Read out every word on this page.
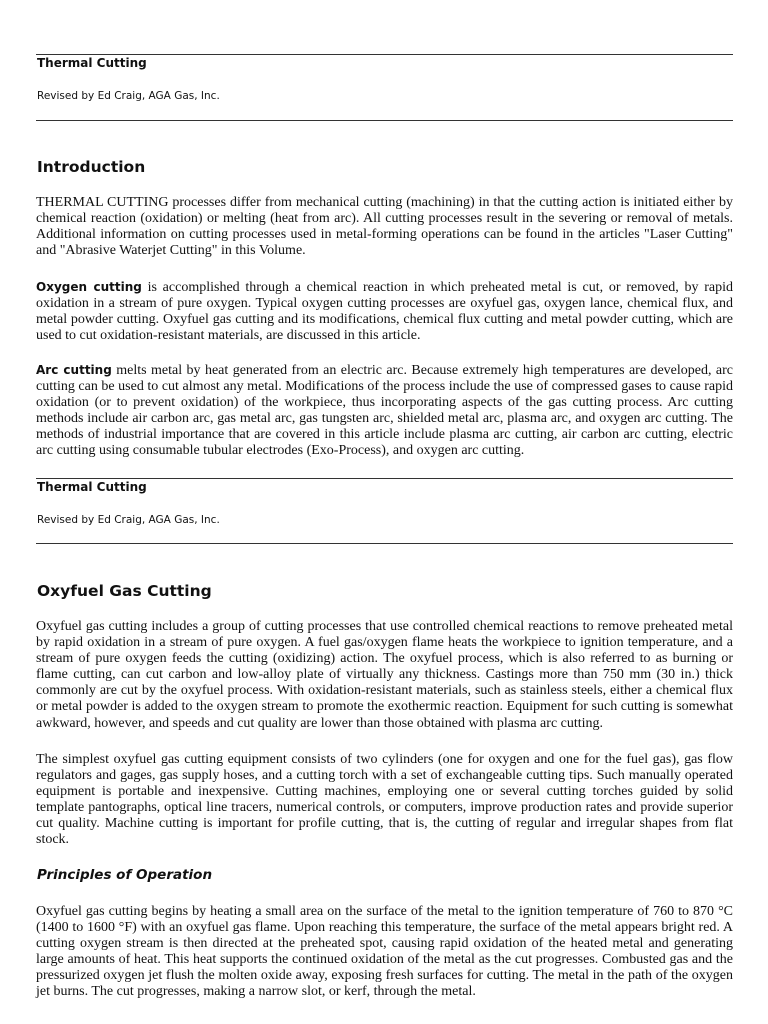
Thermal Cutting
Revised by Ed Craig, AGA Gas, Inc.
Introduction

THERMAL CUTTING processes differ from mechanical cutting (machining) in that the cutting action is initiated either by chemical reaction (oxidation) or melting (heat from arc). All cutting processes result in the severing or removal of metals. Additional information on cutting processes used in metal-forming operations can be found in the articles "Laser Cutting" and "Abrasive Waterjet Cutting" in this Volume.

Oxygen cutting is accomplished through a chemical reaction in which preheated metal is cut, or removed, by rapid oxidation in a stream of pure oxygen. Typical oxygen cutting processes are oxyfuel gas, oxygen lance, chemical flux, and metal powder cutting. Oxyfuel gas cutting and its modifications, chemical flux cutting and metal powder cutting, which are used to cut oxidation-resistant materials, are discussed in this article.

Arc cutting melts metal by heat generated from an electric arc. Because extremely high temperatures are developed, arc cutting can be used to cut almost any metal. Modifications of the process include the use of compressed gases to cause rapid oxidation (or to prevent oxidation) of the workpiece, thus incorporating aspects of the gas cutting process. Arc cutting methods include air carbon arc, gas metal arc, gas tungsten arc, shielded metal arc, plasma arc, and oxygen arc cutting. The methods of industrial importance that are covered in this article include plasma arc cutting, air carbon arc cutting, electric arc cutting using consumable tubular electrodes (Exo-Process), and oxygen arc cutting.

Thermal Cutting
Revised by Ed Craig, AGA Gas, Inc.
Oxyfuel Gas Cutting

Oxyfuel gas cutting includes a group of cutting processes that use controlled chemical reactions to remove preheated metal by rapid oxidation in a stream of pure oxygen. A fuel gas/oxygen flame heats the workpiece to ignition temperature, and a stream of pure oxygen feeds the cutting (oxidizing) action. The oxyfuel process, which is also referred to as burning or flame cutting, can cut carbon and low-alloy plate of virtually any thickness. Castings more than 750 mm (30 in.) thick commonly are cut by the oxyfuel process. With oxidation-resistant materials, such as stainless steels, either a chemical flux or metal powder is added to the oxygen stream to promote the exothermic reaction. Equipment for such cutting is somewhat awkward, however, and speeds and cut quality are lower than those obtained with plasma arc cutting.

The simplest oxyfuel gas cutting equipment consists of two cylinders (one for oxygen and one for the fuel gas), gas flow regulators and gages, gas supply hoses, and a cutting torch with a set of exchangeable cutting tips. Such manually operated equipment is portable and inexpensive. Cutting machines, employing one or several cutting torches guided by solid template pantographs, optical line tracers, numerical controls, or computers, improve production rates and provide superior cut quality. Machine cutting is important for profile cutting, that is, the cutting of regular and irregular shapes from flat stock.

Principles of Operation

Oxyfuel gas cutting begins by heating a small area on the surface of the metal to the ignition temperature of 760 to 870 °C (1400 to 1600 °F) with an oxyfuel gas flame. Upon reaching this temperature, the surface of the metal appears bright red. A cutting oxygen stream is then directed at the preheated spot, causing rapid oxidation of the heated metal and generating large amounts of heat. This heat supports the continued oxidation of the metal as the cut progresses. Combusted gas and the pressurized oxygen jet flush the molten oxide away, exposing fresh surfaces for cutting. The metal in the path of the oxygen jet burns. The cut progresses, making a narrow slot, or kerf, through the metal.
